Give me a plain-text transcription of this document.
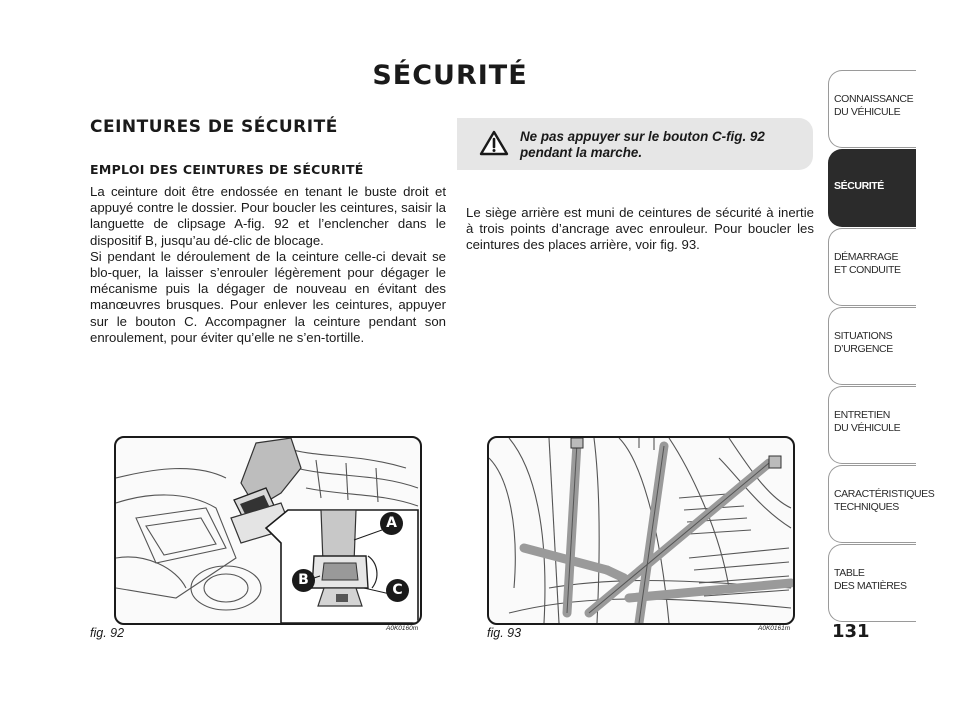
SÉCURITÉ
CEINTURES DE SÉCURITÉ
EMPLOI DES CEINTURES DE SÉCURITÉ

La ceinture doit être endossée en tenant le buste droit et appuyé contre le dossier. Pour boucler les ceintures, saisir la languette de clipsage A-fig. 92 et l’enclencher dans le dispositif B, jusqu’au dé-clic de blocage.

Si pendant le déroulement de la ceinture celle-ci devait se blo-quer, la laisser s’enrouler légèrement pour dégager le mécanisme puis la dégager de nouveau en évitant des manœuvres brusques. Pour enlever les ceintures, appuyer sur le bouton C. Accompagner la ceinture pendant son enroulement, pour éviter qu’elle ne s’en-tortille.

Ne pas appuyer sur le bouton C-fig. 92 pendant la marche.

Le siège arrière est muni de ceintures de sécurité à inertie à trois points d’ancrage avec enrouleur. Pour boucler les ceintures des places arrière, voir fig. 93.

A
B
C
fig. 92	A0K0160m	fig. 93	A0K0161m
CONNAISSANCE
DU VÉHICULE
SÉCURITÉ
DÉMARRAGE
ET CONDUITE
SITUATIONS
D’URGENCE
ENTRETIEN
DU VÉHICULE
CARACTÉRISTIQUES
TECHNIQUES
TABLE
DES MATIÈRES
131
